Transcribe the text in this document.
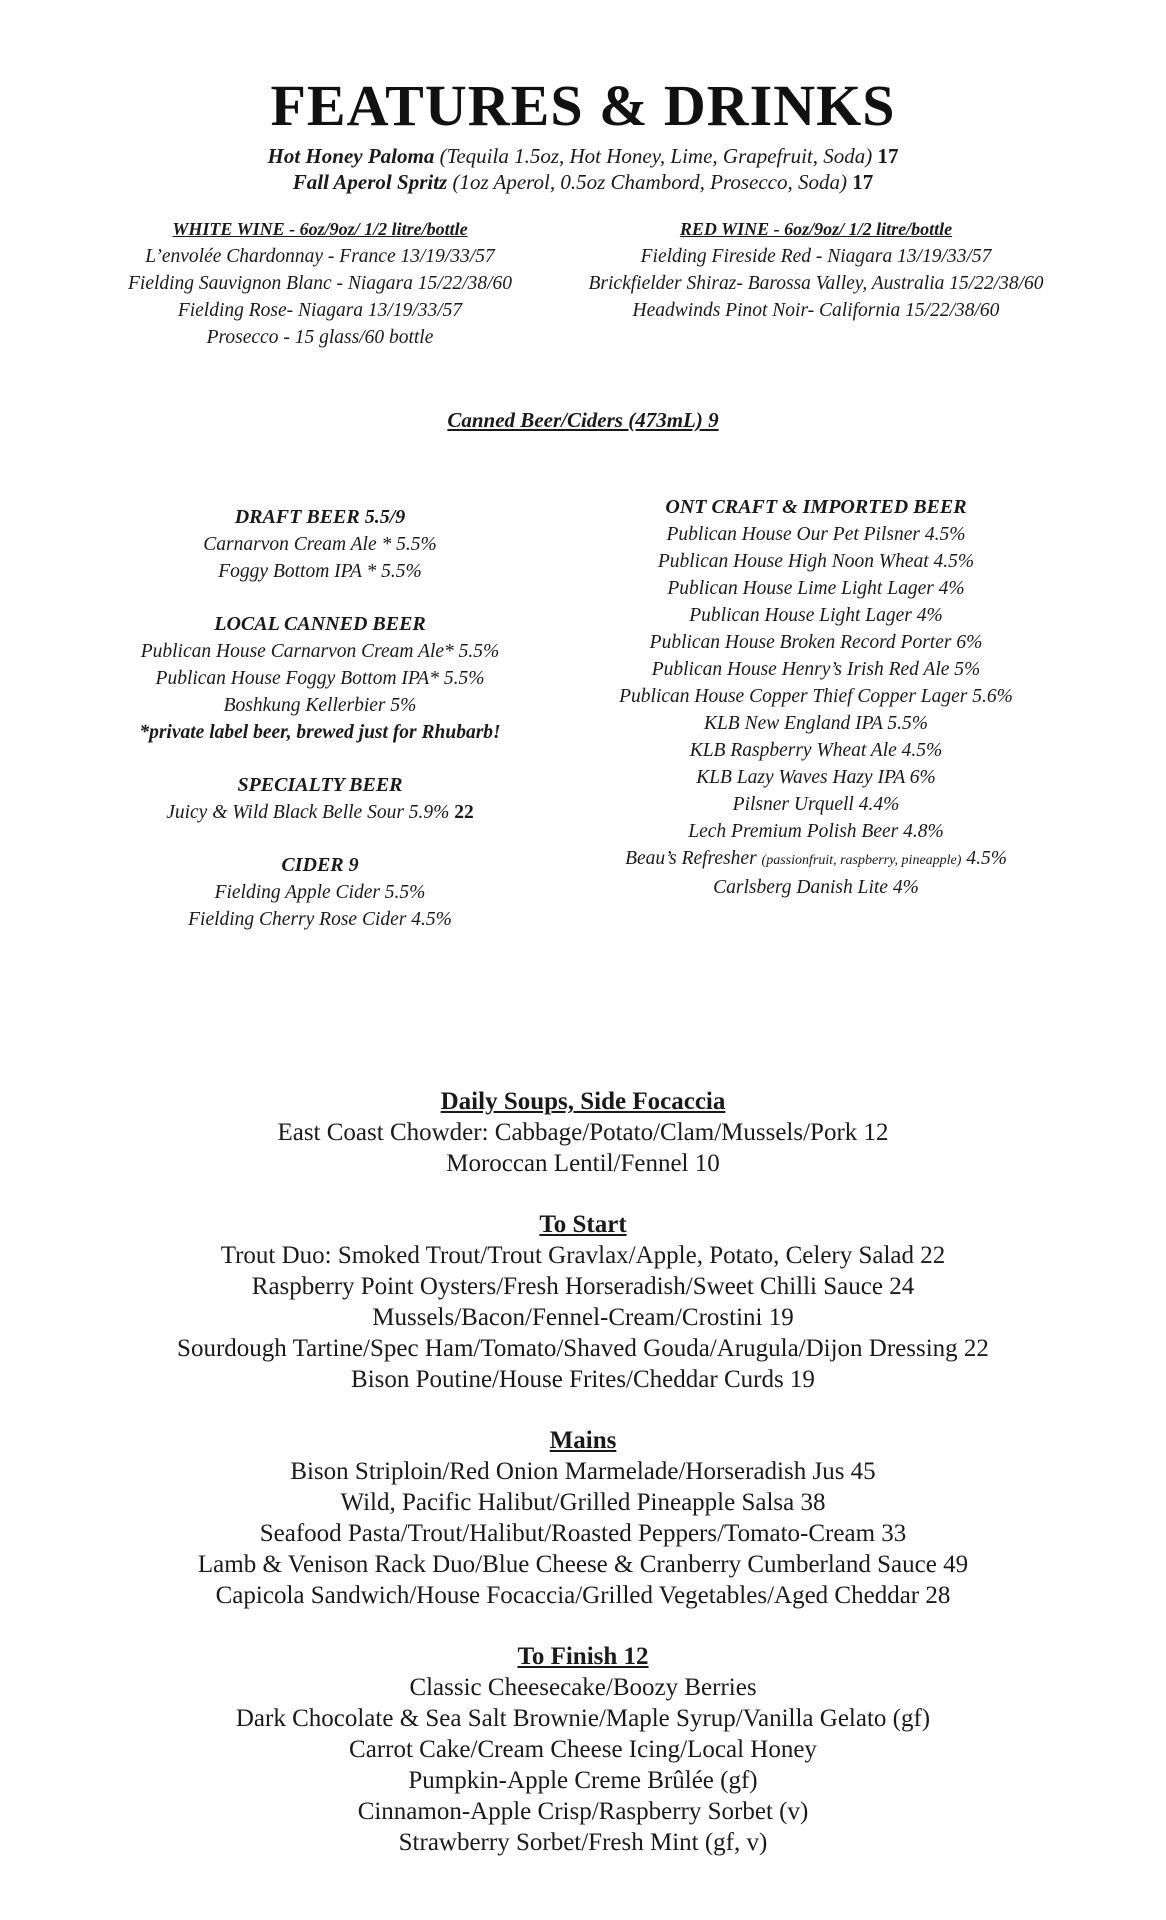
FEATURES & DRINKS
Hot Honey Paloma (Tequila 1.5oz, Hot Honey, Lime, Grapefruit, Soda) 17
Fall Aperol Spritz (1oz Aperol, 0.5oz Chambord, Prosecco, Soda) 17
WHITE WINE - 6oz/9oz/ 1/2 litre/bottle
L’envolée Chardonnay - France 13/19/33/57
Fielding Sauvignon Blanc - Niagara 15/22/38/60
Fielding Rose- Niagara 13/19/33/57
Prosecco - 15 glass/60 bottle
RED WINE - 6oz/9oz/ 1/2 litre/bottle
Fielding Fireside Red - Niagara 13/19/33/57
Brickfielder Shiraz- Barossa Valley, Australia 15/22/38/60
Headwinds Pinot Noir- California 15/22/38/60
Canned Beer/Ciders (473mL) 9
DRAFT BEER 5.5/9
Carnarvon Cream Ale * 5.5%
Foggy Bottom IPA * 5.5%
LOCAL CANNED BEER
Publican House Carnarvon Cream Ale* 5.5%
Publican House Foggy Bottom IPA* 5.5%
Boshkung Kellerbier 5%
*private label beer, brewed just for Rhubarb!
SPECIALTY BEER
Juicy & Wild Black Belle Sour 5.9% 22
CIDER 9
Fielding Apple Cider 5.5%
Fielding Cherry Rose Cider 4.5%
ONT CRAFT & IMPORTED BEER
Publican House Our Pet Pilsner 4.5%
Publican House High Noon Wheat 4.5%
Publican House Lime Light Lager 4%
Publican House Light Lager 4%
Publican House Broken Record Porter 6%
Publican House Henry’s Irish Red Ale 5%
Publican House Copper Thief Copper Lager 5.6%
KLB New England IPA 5.5%
KLB Raspberry Wheat Ale 4.5%
KLB Lazy Waves Hazy IPA 6%
Pilsner Urquell 4.4%
Lech Premium Polish Beer 4.8%
Beau’s Refresher (passionfruit, raspberry, pineapple) 4.5%
Carlsberg Danish Lite 4%
Daily Soups, Side Focaccia
East Coast Chowder: Cabbage/Potato/Clam/Mussels/Pork 12
Moroccan Lentil/Fennel 10
To Start
Trout Duo: Smoked Trout/Trout Gravlax/Apple, Potato, Celery Salad 22
Raspberry Point Oysters/Fresh Horseradish/Sweet Chilli Sauce 24
Mussels/Bacon/Fennel-Cream/Crostini 19
Sourdough Tartine/Spec Ham/Tomato/Shaved Gouda/Arugula/Dijon Dressing 22
Bison Poutine/House Frites/Cheddar Curds 19
Mains
Bison Striploin/Red Onion Marmelade/Horseradish Jus 45
Wild, Pacific Halibut/Grilled Pineapple Salsa 38
Seafood Pasta/Trout/Halibut/Roasted Peppers/Tomato-Cream 33
Lamb & Venison Rack Duo/Blue Cheese & Cranberry Cumberland Sauce 49
Capicola Sandwich/House Focaccia/Grilled Vegetables/Aged Cheddar 28
To Finish 12
Classic Cheesecake/Boozy Berries
Dark Chocolate & Sea Salt Brownie/Maple Syrup/Vanilla Gelato (gf)
Carrot Cake/Cream Cheese Icing/Local Honey
Pumpkin-Apple Creme Brûlée (gf)
Cinnamon-Apple Crisp/Raspberry Sorbet (v)
Strawberry Sorbet/Fresh Mint (gf, v)
